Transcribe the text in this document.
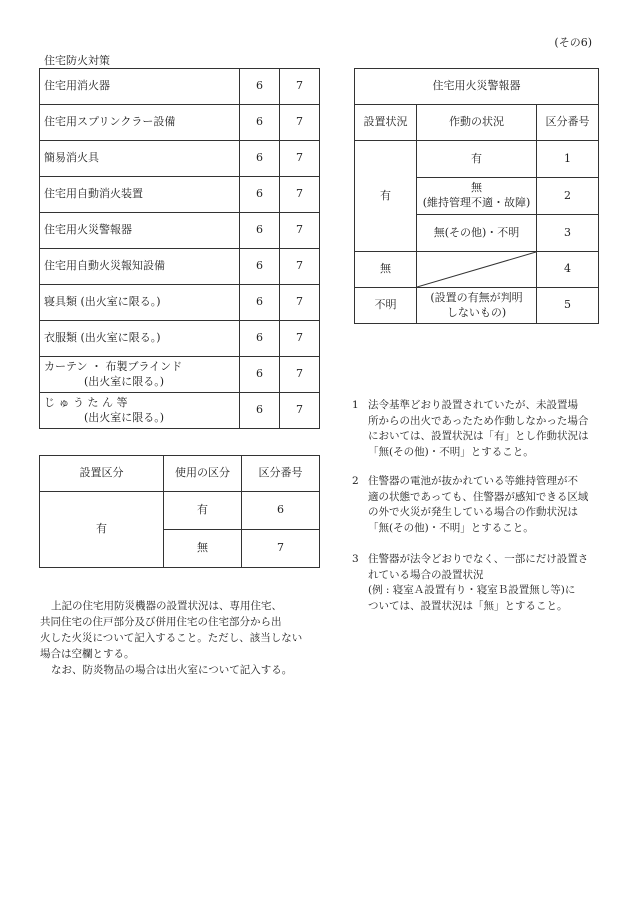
(その6)
住宅防火対策
住宅用消火器	6	7
住宅用スプリンクラー設備	6	7
簡易消火具	6	7
住宅用自動消火装置	6	7
住宅用火災警報器	6	7
住宅用自動火災報知設備	6	7
寝具類 (出火室に限る。)	6	7
衣服類 (出火室に限る。)	6	7
カーテン ・ 布製ブラインド
(出火室に限る。)	6	7
じ ゅ う た ん 等
(出火室に限る。)	6	7
設置区分	使用の区分	区分番号
有	有	6
	無	7
住宅用火災警報器		
設置状況	作動の状況	区分番号
有	有	1
	無
(維持管理不適・故障)	2
	無(その他)・不明	3
無		4
不明	(設置の有無が判明
しないもの)	5
上記の住宅用防災機器の設置状況は、専用住宅、
共同住宅の住戸部分及び併用住宅の住宅部分から出
火した火災について記入すること。ただし、該当しない
場合は空欄とする。
なお、防炎物品の場合は出火室について記入する。
1 法令基準どおり設置されていたが、未設置場
所からの出火であったため作動しなかった場合
においては、設置状況は「有」とし作動状況は
「無(その他)・不明」とすること。
2 住警器の電池が抜かれている等維持管理が不
適の状態であっても、住警器が感知できる区域
の外で火災が発生している場合の作動状況は
「無(その他)・不明」とすること。
3 住警器が法令どおりでなく、一部にだけ設置さ
れている場合の設置状況
(例 : 寝室Ａ設置有り・寝室Ｂ設置無し等)に
ついては、設置状況は「無」とすること。
